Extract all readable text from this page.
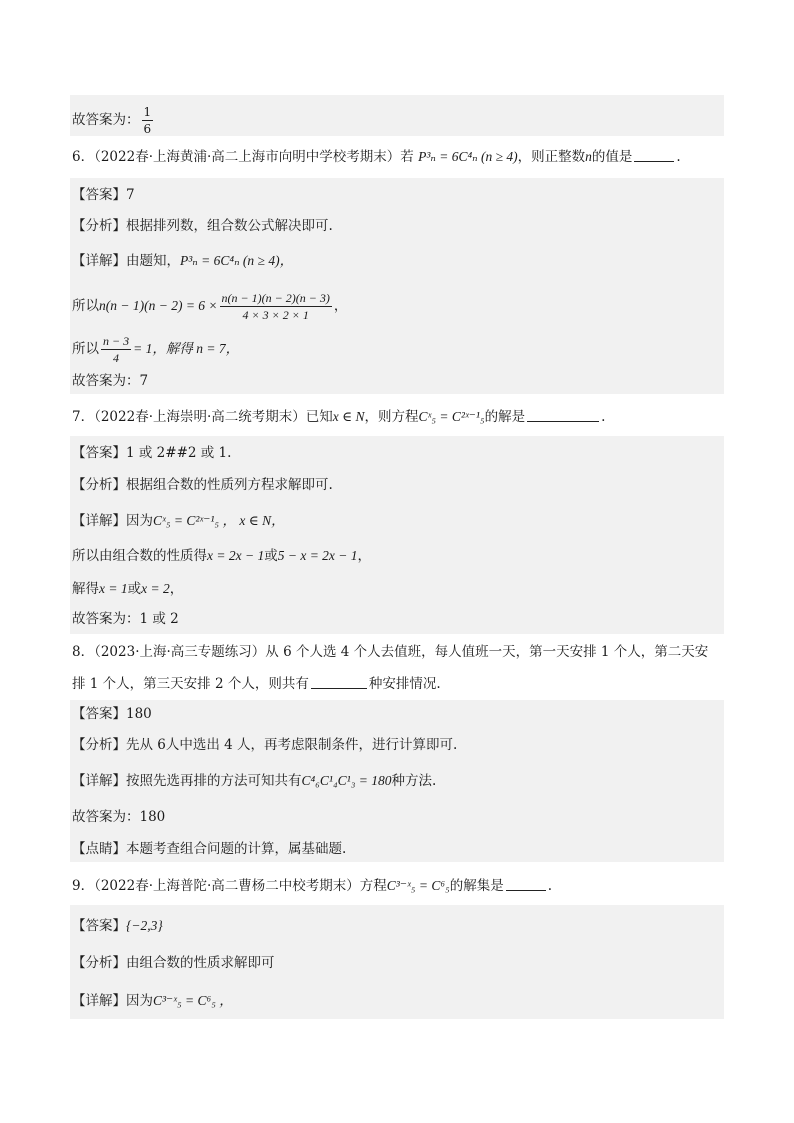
故答案为： $\frac{1}{6}$
6．（2022春·上海黄浦·高二上海市向明中学校考期末）若 P³ₙ = 6C⁴ₙ (n ≥ 4)，则正整数n的值是	.
【答案】7
【分析】根据排列数，组合数公式解决即可.
【详解】由题知，P³ₙ = 6C⁴ₙ (n ≥ 4)，
所以$n(n - 1)(n - 2) = 6 \times \frac{n(n - 1)(n - 2)(n - 3)}{4 \times 3 \times 2 \times 1}$ ，
所以 $\frac{n - 3}{4} = 1$，解得 n = 7，
故答案为：7
7．（2022春·上海崇明·高二统考期末）已知x ∈ N，则方程Cˣ₅ = C²ˣ⁻¹₅的解是	.
【答案】1 或 2##2 或 1.
【分析】根据组合数的性质列方程求解即可.
【详解】因为Cˣ₅ = C²ˣ⁻¹₅ ， x ∈ N，
所以由组合数的性质得x = 2x − 1或5 − x = 2x − 1，
解得x = 1或x = 2，
故答案为：1 或 2
8．（2023·上海·高三专题练习）从 6 个人选 4 个人去值班，每人值班一天，第一天安排 1 个人，第二天安
排 1 个人，第三天安排 2 个人，则共有	种安排情况.
【答案】180
【分析】先从 6人中选出 4 人，再考虑限制条件，进行计算即可.
【详解】按照先选再排的方法可知共有C⁴₆C¹₄C¹₃ = 180种方法.
故答案为：180
【点睛】本题考查组合问题的计算，属基础题.
9．（2022春·上海普陀·高二曹杨二中校考期末）方程C³⁻ˣ₅ = C⁶₅的解集是	.
【答案】{−2,3}
【分析】由组合数的性质求解即可
【详解】因为C³⁻ˣ₅ = C⁶₅ ，
